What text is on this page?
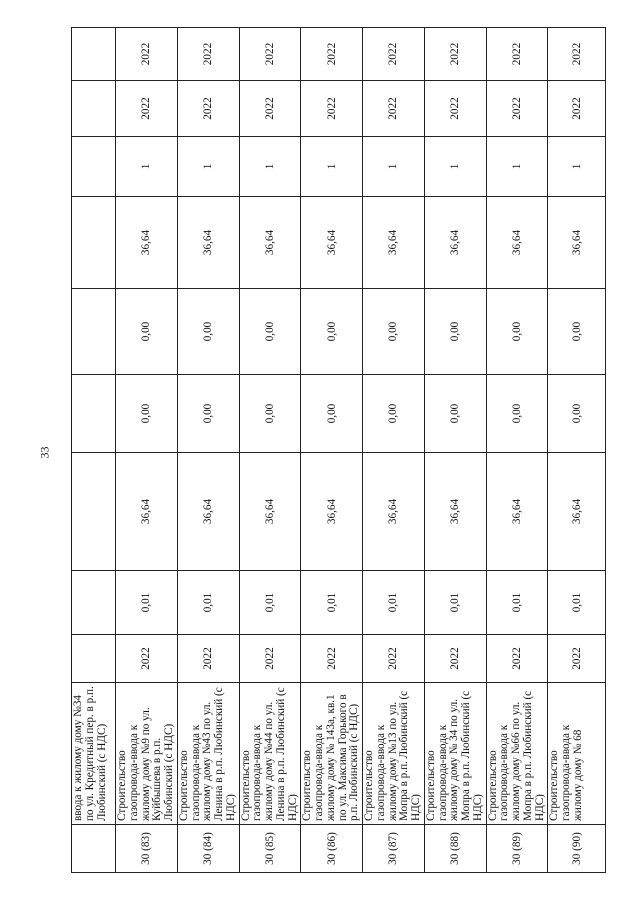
33
	ввода к жилому дому №34 по ул. Кредитный пер. в р.п. Любинский (с НДС)									
30 (83)	Строительство газопровода-ввода к жилому дому №9 по ул. Куйбышева в р.п. Любинский (с НДС)	2022	0,01	36,64	0,00	0,00	36,64	1	2022	2022
30 (84)	Строительство газопровода-ввода к жилому дому №43 по ул. Ленина в р.п. Любинский (с НДС)	2022	0,01	36,64	0,00	0,00	36,64	1	2022	2022
30 (85)	Строительство газопровода-ввода к жилому дому №44 по ул. Ленина в р.п. Любинский (с НДС)	2022	0,01	36,64	0,00	0,00	36,64	1	2022	2022
30 (86)	Строительство газопровода-ввода к жилому дому № 143а, кв.1 по ул. Максима Горького в р.п. Любинский (с НДС)	2022	0,01	36,64	0,00	0,00	36,64	1	2022	2022
30 (87)	Строительство газопровода-ввода к жилому дому №13 по ул. Мопра в р.п. Любинский (с НДС)	2022	0,01	36,64	0,00	0,00	36,64	1	2022	2022
30 (88)	Строительство газопровода-ввода к жилому дому № 34 по ул. Мопра в р.п. Любинский (с НДС)	2022	0,01	36,64	0,00	0,00	36,64	1	2022	2022
30 (89)	Строительство газопровода-ввода к жилому дому №66 по ул. Мопра в р.п. Любинский (с НДС)	2022	0,01	36,64	0,00	0,00	36,64	1	2022	2022
30 (90)	Строительство газопровода-ввода к жилому дому № 68	2022	0,01	36,64	0,00	0,00	36,64	1	2022	2022
